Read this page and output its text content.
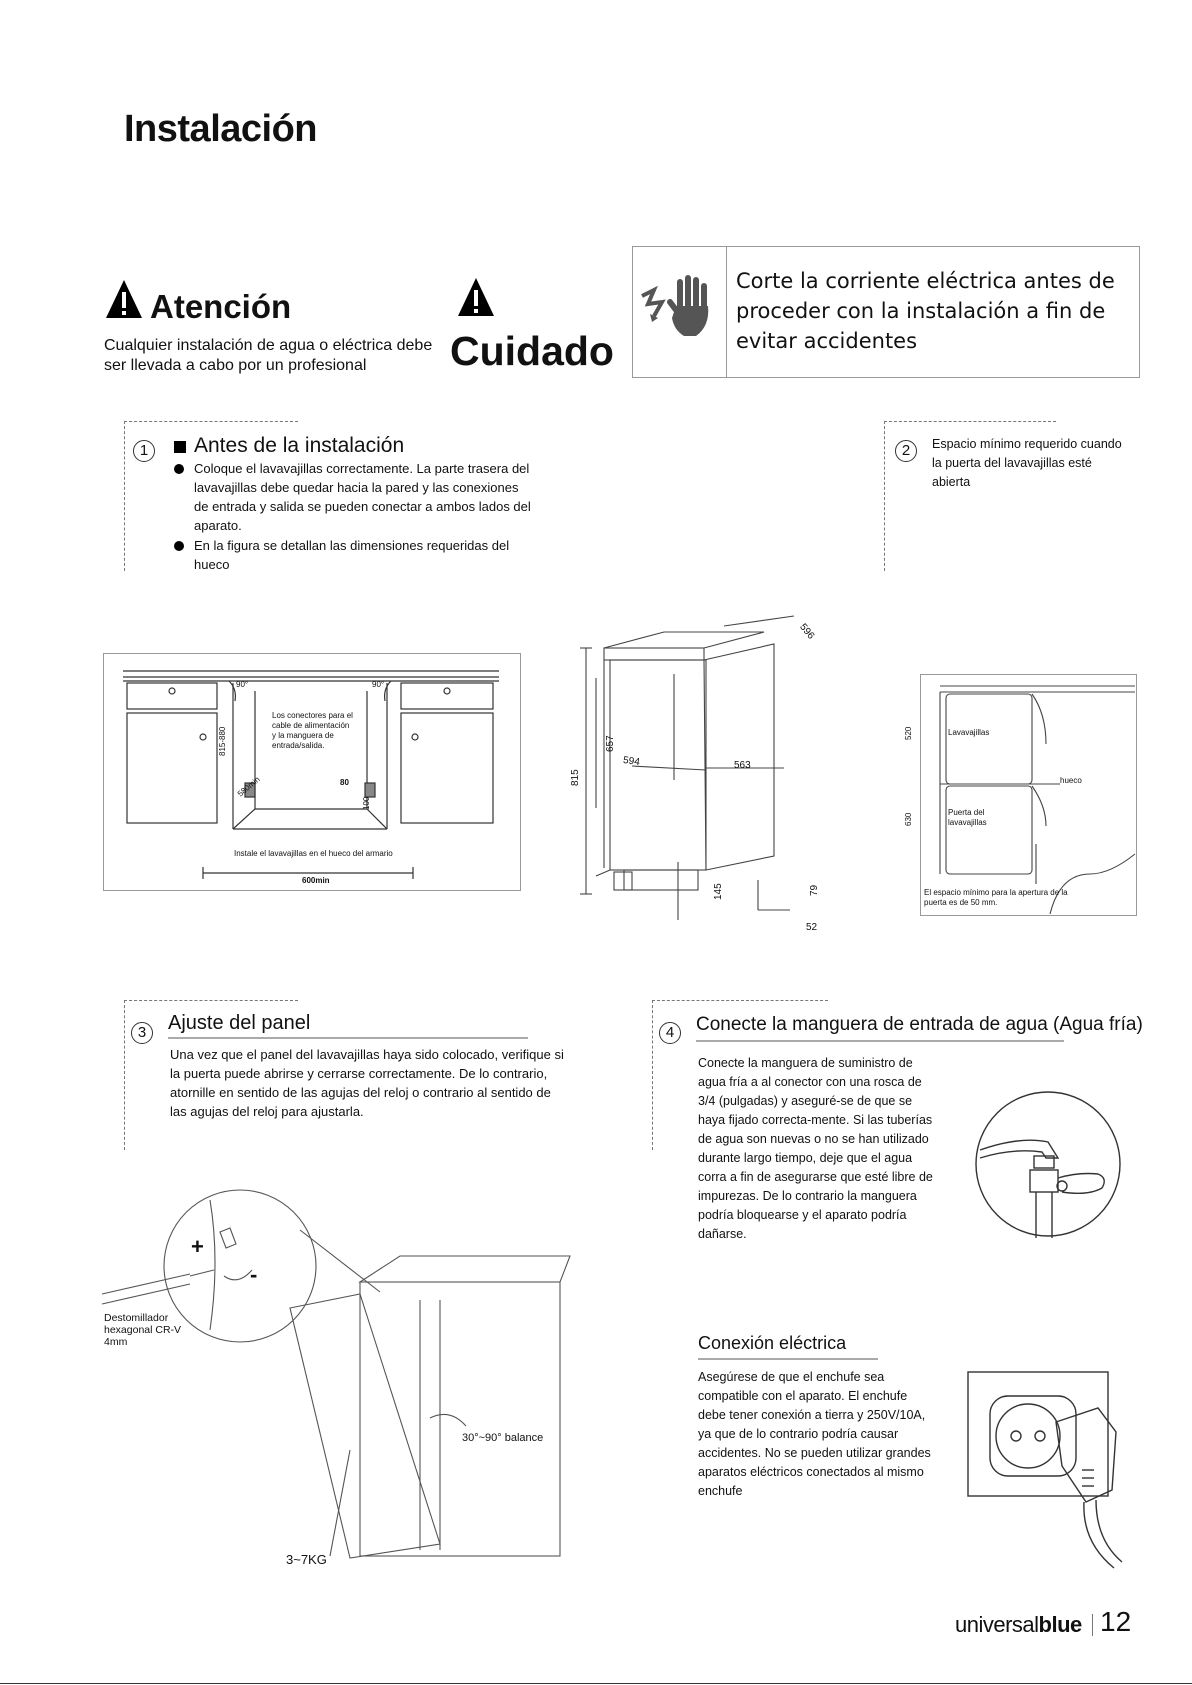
Instalación
Atención
Cualquier instalación de agua o eléctrica debe ser llevada a cabo por un profesional	Cuidado
Corte la corriente eléctrica antes de proceder con la instalación a fin de evitar accidentes
1	Antes de la instalación
Coloque el lavavajillas correctamente. La parte trasera del lavavajillas debe quedar hacia la pared y las conexiones de entrada y salida se pueden conectar a ambos lados del aparato.
En la figura se detallan las dimensiones requeridas del hueco
2	Espacio mínimo requerido cuando la puerta del lavavajillas esté abierta
90°	90°
Los conectores para el cable de alimentación y la manguera de entrada/salida.
815-880
580min	80
100
Instale el lavavajillas en el hueco del armario
600min
596
815
657
594	563
145	79
52
520
630
Lavavajillas
hueco
Puerta del lavavajillas
El espacio mínimo para la apertura de la puerta es de 50 mm.
3	Ajuste del panel
Una vez que el panel del lavavajillas haya sido colocado, verifique si la puerta puede abrirse y cerrarse correctamente. De lo contrario, atornille en sentido de las agujas del reloj o contrario al sentido de las agujas del reloj para ajustarla.
+
-
Destomillador hexagonal CR-V 4mm
30°~90° balance
3~7KG
4	Conecte la manguera de entrada de agua (Agua fría)
Conecte la manguera de suministro de agua fría a al conector con una rosca de 3/4 (pulgadas) y aseguré-se de que se haya fijado correcta-mente. Si las tuberías de agua son nuevas o no se han utilizado durante largo tiempo, deje que el agua corra a fin de asegurarse que esté libre de impurezas. De lo contrario la manguera podría bloquearse y el aparato podría dañarse.
Conexión eléctrica
Asegúrese de que el enchufe sea compatible con el aparato. El enchufe debe tener conexión a tierra y 250V/10A, ya que de lo contrario podría causar accidentes. No se pueden utilizar grandes aparatos eléctricos conectados al mismo enchufe
universalblue 12
